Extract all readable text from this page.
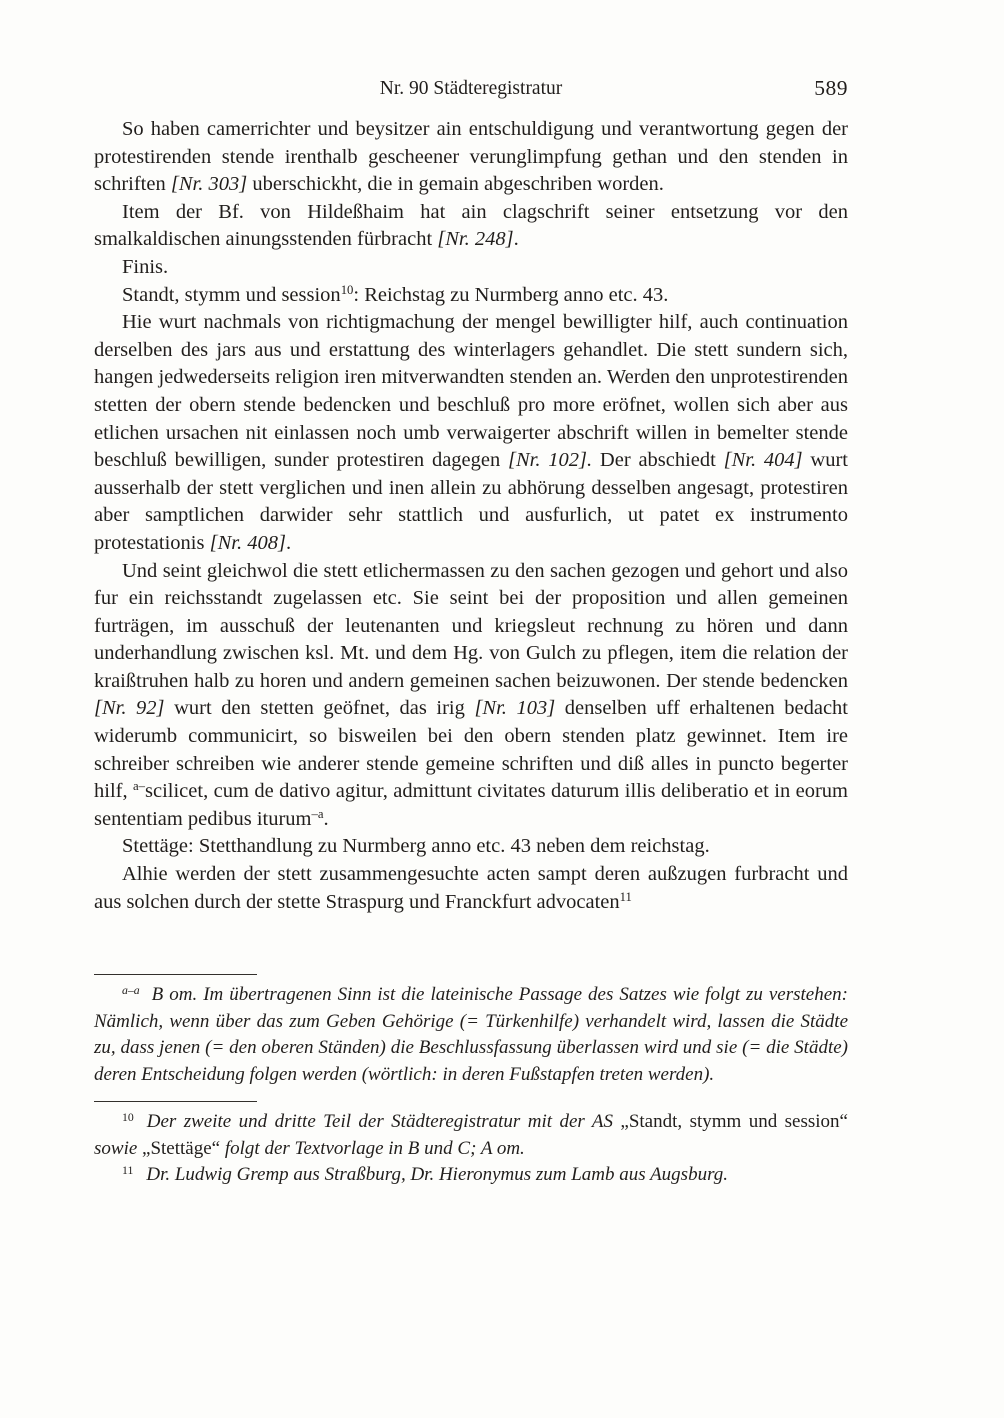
Nr. 90 Städteregistratur	589

So haben camerrichter und beysitzer ain entschuldigung und verantwortung gegen der protestirenden stende irenthalb gescheener verunglimpfung gethan und den stenden in schriften [Nr. 303] uberschickht, die in gemain abgeschriben worden.

Item der Bf. von Hildeßhaim hat ain clagschrift seiner entsetzung vor den smalkaldischen ainungsstenden fürbracht [Nr. 248].

Finis.

Standt, stymm und session$^{10}$: Reichstag zu Nurmberg anno etc. 43.

Hie wurt nachmals von richtigmachung der mengel bewilligter hilf, auch continuation derselben des jars aus und erstattung des winterlagers gehandlet. Die stett sundern sich, hangen jedwederseits religion iren mitverwandten stenden an. Werden den unprotestirenden stetten der obern stende bedencken und beschluß pro more eröfnet, wollen sich aber aus etlichen ursachen nit einlassen noch umb verwaigerter abschrift willen in bemelter stende beschluß bewilligen, sunder protestiren dagegen [Nr. 102]. Der abschiedt [Nr. 404] wurt ausserhalb der stett verglichen und inen allein zu abhörung desselben angesagt, protestiren aber samptlichen darwider sehr stattlich und ausfurlich, ut patet ex instrumento protestationis [Nr. 408].

Und seint gleichwol die stett etlichermassen zu den sachen gezogen und gehort und also fur ein reichsstandt zugelassen etc. Sie seint bei der proposition und allen gemeinen furträgen, im ausschuß der leutenanten und kriegsleut rechnung zu hören und dann underhandlung zwischen ksl. Mt. und dem Hg. von Gulch zu pflegen, item die relation der kraißtruhen halb zu horen und andern gemeinen sachen beizuwonen. Der stende bedencken [Nr. 92] wurt den stetten geöfnet, das irig [Nr. 103] denselben uff erhaltenen bedacht widerumb communicirt, so bisweilen bei den obern stenden platz gewinnet. Item ire schreiber schreiben wie anderer stende gemeine schriften und diß alles in puncto begerter hilf, $^{a-}$scilicet, cum de dativo agitur, admittunt civitates daturum illis deliberatio et in eorum sententiam pedibus iturum$^{-a}$.

Stettäge: Stetthandlung zu Nurmberg anno etc. 43 neben dem reichstag.

Alhie werden der stett zusammengesuchte acten sampt deren außzugen furbracht und aus solchen durch der stette Straspurg und Franckfurt advocaten$^{11}$

$^{a-a}$ B om. Im übertragenen Sinn ist die lateinische Passage des Satzes wie folgt zu verstehen: Nämlich, wenn über das zum Geben Gehörige (= Türkenhilfe) verhandelt wird, lassen die Städte zu, dass jenen (= den oberen Ständen) die Beschlussfassung überlassen wird und sie (= die Städte) deren Entscheidung folgen werden (wörtlich: in deren Fußstapfen treten werden).

$^{10}$ Der zweite und dritte Teil der Städteregistratur mit der AS „Standt, stymm und session“ sowie „Stettäge“ folgt der Textvorlage in B und C; A om.

$^{11}$ Dr. Ludwig Gremp aus Straßburg, Dr. Hieronymus zum Lamb aus Augsburg.
